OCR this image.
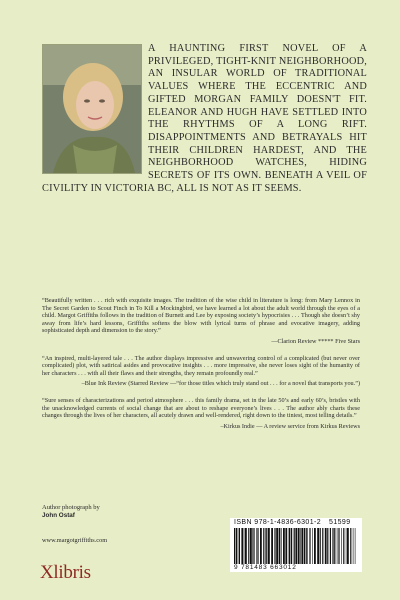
A HAUNTING FIRST NOVEL OF A PRIVILEGED, TIGHT-KNIT NEIGHBORHOOD, AN INSULAR WORLD OF TRADITIONAL VALUES WHERE THE ECCENTRIC AND GIFTED MORGAN FAMILY DOESN'T FIT. ELEANOR AND HUGH HAVE SETTLED INTO THE RHYTHMS OF A LONG RIFT. DISAPPOINTMENTS AND BETRAYALS HIT THEIR CHILDREN HARDEST, AND THE NEIGHBORHOOD WATCHES, HIDING SECRETS OF ITS OWN. BENEATH A VEIL OF CIVILITY IN VICTORIA BC, ALL IS NOT AS IT SEEMS.

“Beautifully written . . . rich with exquisite images. The tradition of the wise child in literature is long: from Mary Lennox in The Secret Garden to Scout Finch in To Kill a Mockingbird, we have learned a lot about the adult world through the eyes of a child. Margot Griffiths follows in the tradition of Burnett and Lee by exposing society’s hypocrisies . . . Though she doesn’t shy away from life’s hard lessons, Griffiths softens the blow with lyrical turns of phrase and evocative imagery, adding sophisticated depth and dimension to the story.”

—Clarion Review ***** Five Stars

“An inspired, multi-layered tale . . . The author displays impressive and unwavering control of a complicated (but never over complicated) plot, with satirical asides and provocative insights . . . more impressive, she never loses sight of the humanity of her characters . . . with all their flaws and their strengths, they remain profoundly real.”

–Blue Ink Review (Starred Review —“for those titles which truly stand out . . . for a novel that transports you.”)

“Sure senses of characterizations and period atmosphere . . . this family drama, set in the late 50’s and early 60’s, bristles with the unacknowledged currents of social change that are about to reshape everyone’s lives . . . The author ably charts these changes through the lives of her characters, all acutely drawn and well-rendered, right down to the tiniest, most telling details.”

–Kirkus Indie — A review service from Kirkus Reviews

Author photograph by
John Ostaf
www.margotgriffiths.com
Xlibris
ISBN 978-1-4836-6301-2 51599
9 781483 663012
